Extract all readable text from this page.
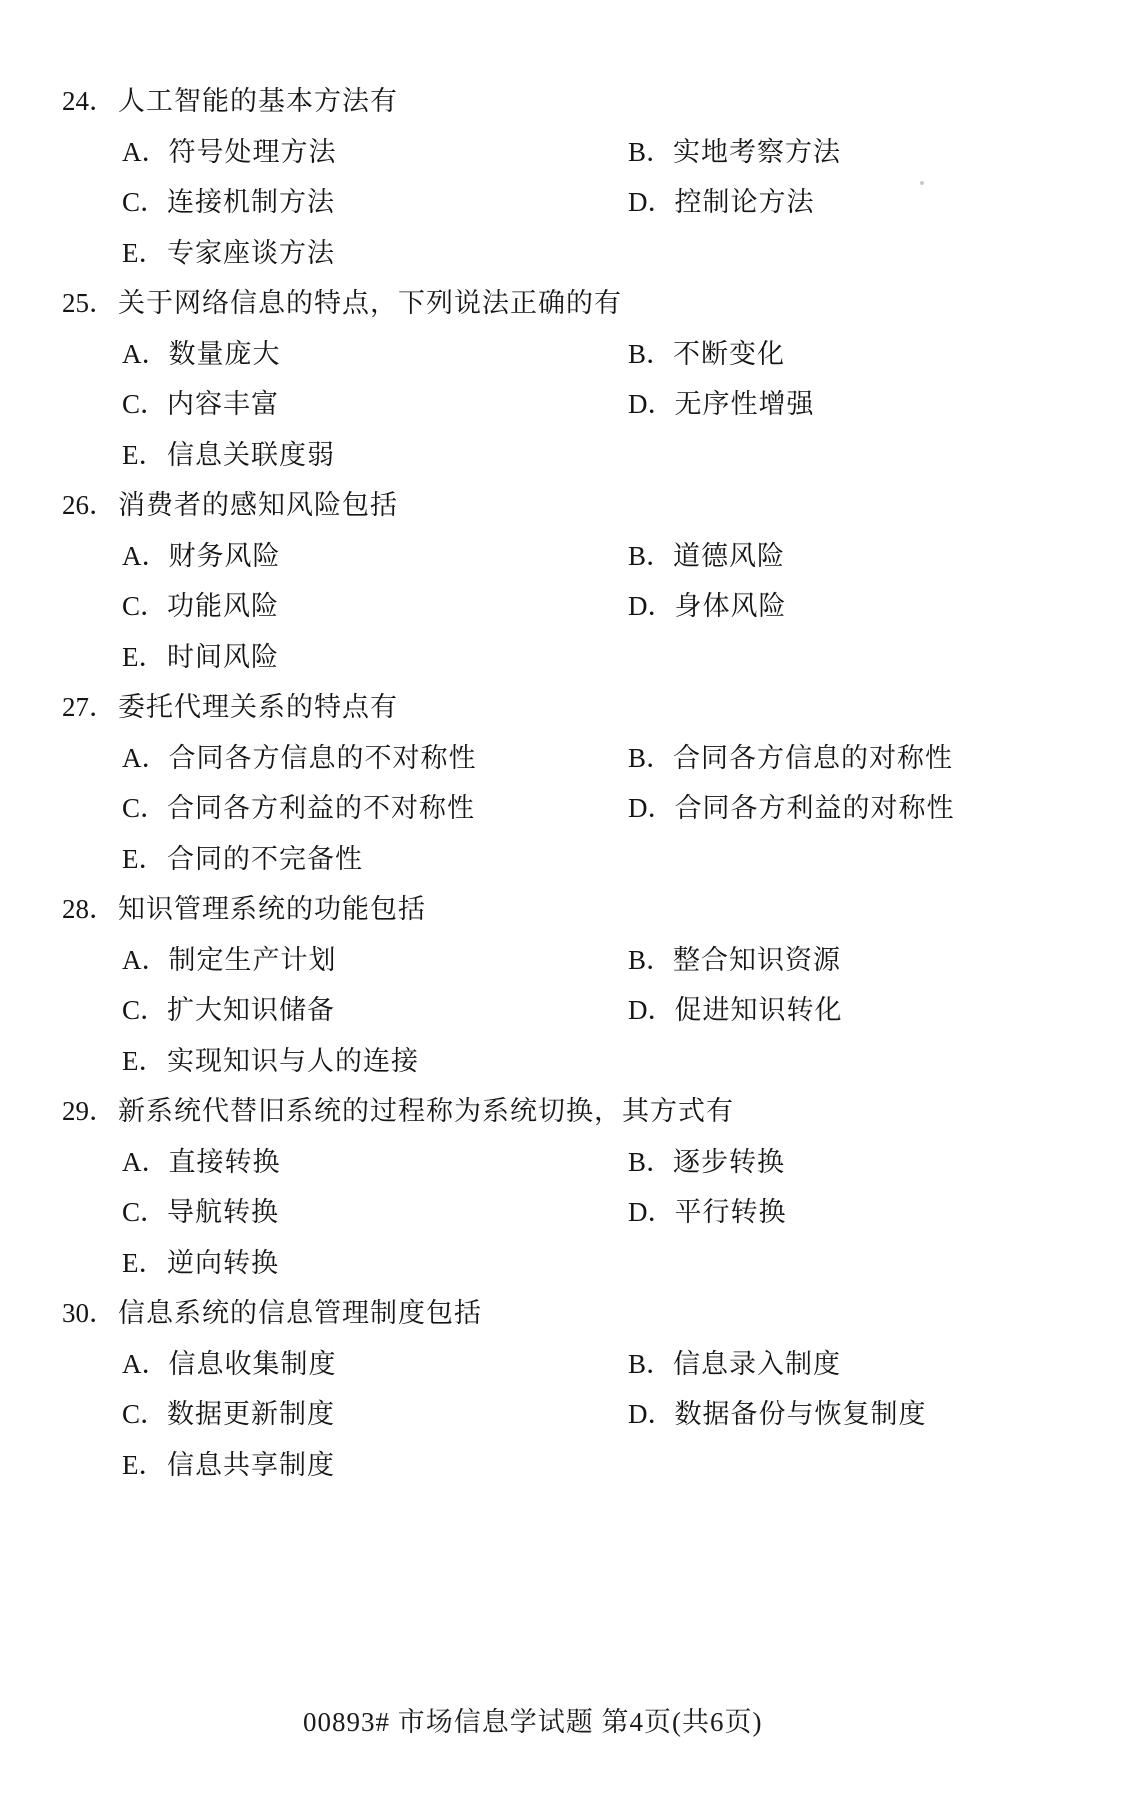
24． 人工智能的基本方法有
A．符号处理方法	B．实地考察方法
C．连接机制方法	D．控制论方法
E．专家座谈方法
25． 关于网络信息的特点，下列说法正确的有
A．数量庞大	B．不断变化
C．内容丰富	D．无序性增强
E．信息关联度弱
26． 消费者的感知风险包括
A．财务风险	B．道德风险
C．功能风险	D．身体风险
E．时间风险
27． 委托代理关系的特点有
A．合同各方信息的不对称性	B．合同各方信息的对称性
C．合同各方利益的不对称性	D．合同各方利益的对称性
E．合同的不完备性
28． 知识管理系统的功能包括
A．制定生产计划	B．整合知识资源
C．扩大知识储备	D．促进知识转化
E．实现知识与人的连接
29． 新系统代替旧系统的过程称为系统切换，其方式有
A．直接转换	B．逐步转换
C．导航转换	D．平行转换
E．逆向转换
30． 信息系统的信息管理制度包括
A．信息收集制度	B．信息录入制度
C．数据更新制度	D．数据备份与恢复制度
E．信息共享制度
00893# 市场信息学试题 第4页(共6页)
